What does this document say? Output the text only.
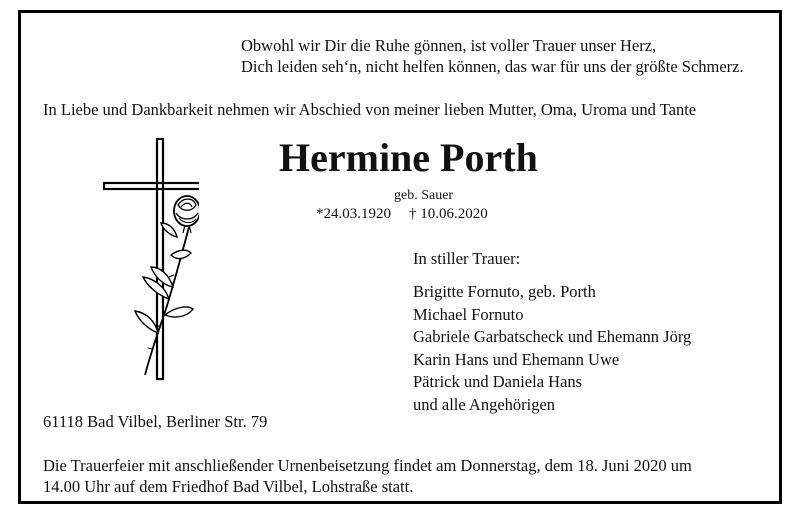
Obwohl wir Dir die Ruhe gönnen, ist voller Trauer unser Herz,
Dich leiden seh‘n, nicht helfen können, das war für uns der größte Schmerz.
In Liebe und Dankbarkeit nehmen wir Abschied von meiner lieben Mutter, Oma, Uroma und Tante
Hermine Porth
geb. Sauer
*24.03.1920 † 10.06.2020
In stiller Trauer:
Brigitte Fornuto, geb. Porth
Michael Fornuto
Gabriele Garbatscheck und Ehemann Jörg
Karin Hans und Ehemann Uwe
Pätrick und Daniela Hans
und alle Angehörigen
61118 Bad Vilbel, Berliner Str. 79
Die Trauerfeier mit anschließender Urnenbeisetzung findet am Donnerstag, dem 18. Juni 2020 um
14.00 Uhr auf dem Friedhof Bad Vilbel, Lohstraße statt.
